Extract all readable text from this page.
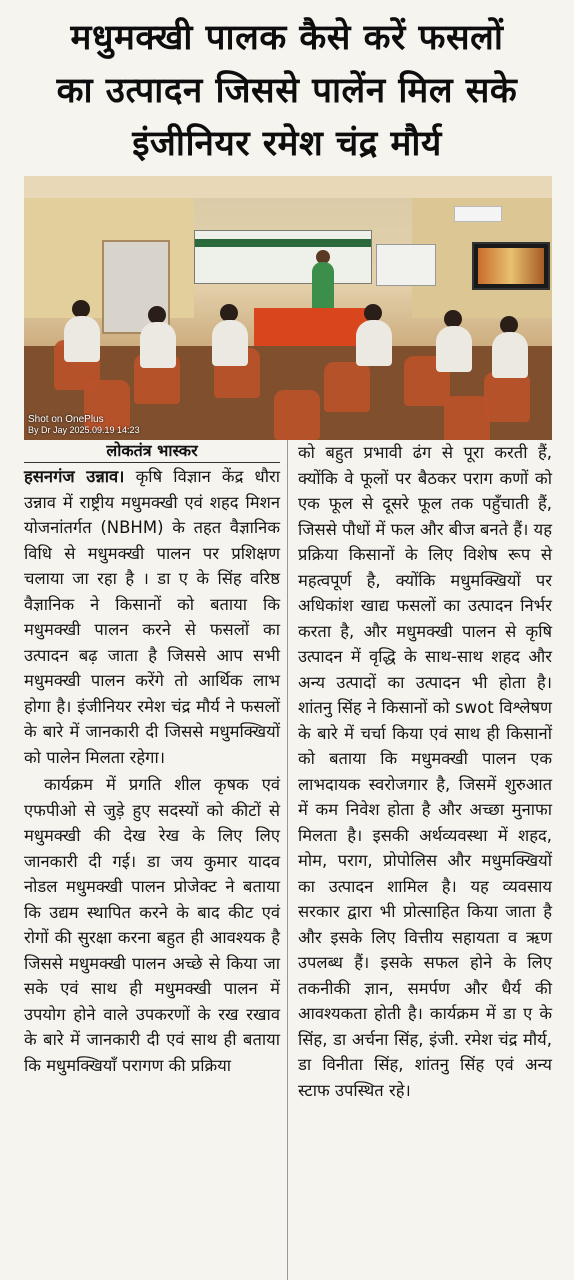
मधुमक्खी पालक कैसे करें फसलों
का उत्पादन जिससे पालेंन मिल सके
इंजीनियर रमेश चंद्र मौर्य
Shot on OnePlus
By Dr Jay 2025.09.19 14:23
लोकतंत्र भास्कर

हसनगंज उन्नाव। कृषि विज्ञान केंद्र धौरा उन्नाव में राष्ट्रीय मधुमक्खी एवं शहद मिशन योजनांतर्गत (NBHM) के तहत वैज्ञानिक विधि से मधुमक्खी पालन पर प्रशिक्षण चलाया जा रहा है । डा ए के सिंह वरिष्ठ वैज्ञानिक ने किसानों को बताया कि मधुमक्खी पालन करने से फसलों का उत्पादन बढ़ जाता है जिससे आप सभी मधुमक्खी पालन करेंगे तो आर्थिक लाभ होगा है। इंजीनियर रमेश चंद्र मौर्य ने फसलों के बारे में जानकारी दी जिससे मधुमक्खियों को पालेन मिलता रहेगा।

कार्यक्रम में प्रगति शील कृषक एवं एफपीओ से जुड़े हुए सदस्यों को कीटों से मधुमक्खी की देख रेख के लिए लिए जानकारी दी गई। डा जय कुमार यादव नोडल मधुमक्खी पालन प्रोजेक्ट ने बताया कि उद्यम स्थापित करने के बाद कीट एवं रोगों की सुरक्षा करना बहुत ही आवश्यक है जिससे मधुमक्खी पालन अच्छे से किया जा सके एवं साथ ही मधुमक्खी पालन में उपयोग होने वाले उपकरणों के रख रखाव के बारे में जानकारी दी एवं साथ ही बताया कि मधुमक्खियाँ परागण की प्रक्रिया

को बहुत प्रभावी ढंग से पूरा करती हैं, क्योंकि वे फूलों पर बैठकर पराग कणों को एक फूल से दूसरे फूल तक पहुँचाती हैं, जिससे पौधों में फल और बीज बनते हैं। यह प्रक्रिया किसानों के लिए विशेष रूप से महत्वपूर्ण है, क्योंकि मधुमक्खियों पर अधिकांश खाद्य फसलों का उत्पादन निर्भर करता है, और मधुमक्खी पालन से कृषि उत्पादन में वृद्धि के साथ-साथ शहद और अन्य उत्पादों का उत्पादन भी होता है। शांतनु सिंह ने किसानों को swot विश्लेषण के बारे में चर्चा किया एवं साथ ही किसानों को बताया कि मधुमक्खी पालन एक लाभदायक स्वरोजगार है, जिसमें शुरुआत में कम निवेश होता है और अच्छा मुनाफा मिलता है। इसकी अर्थव्यवस्था में शहद, मोम, पराग, प्रोपोलिस और मधुमक्खियों का उत्पादन शामिल है। यह व्यवसाय सरकार द्वारा भी प्रोत्साहित किया जाता है और इसके लिए वित्तीय सहायता व ऋण उपलब्ध हैं। इसके सफल होने के लिए तकनीकी ज्ञान, समर्पण और धैर्य की आवश्यकता होती है। कार्यक्रम में डा ए के सिंह, डा अर्चना सिंह, इंजी. रमेश चंद्र मौर्य, डा विनीता सिंह, शांतनु सिंह एवं अन्य स्टाफ उपस्थित रहे।
